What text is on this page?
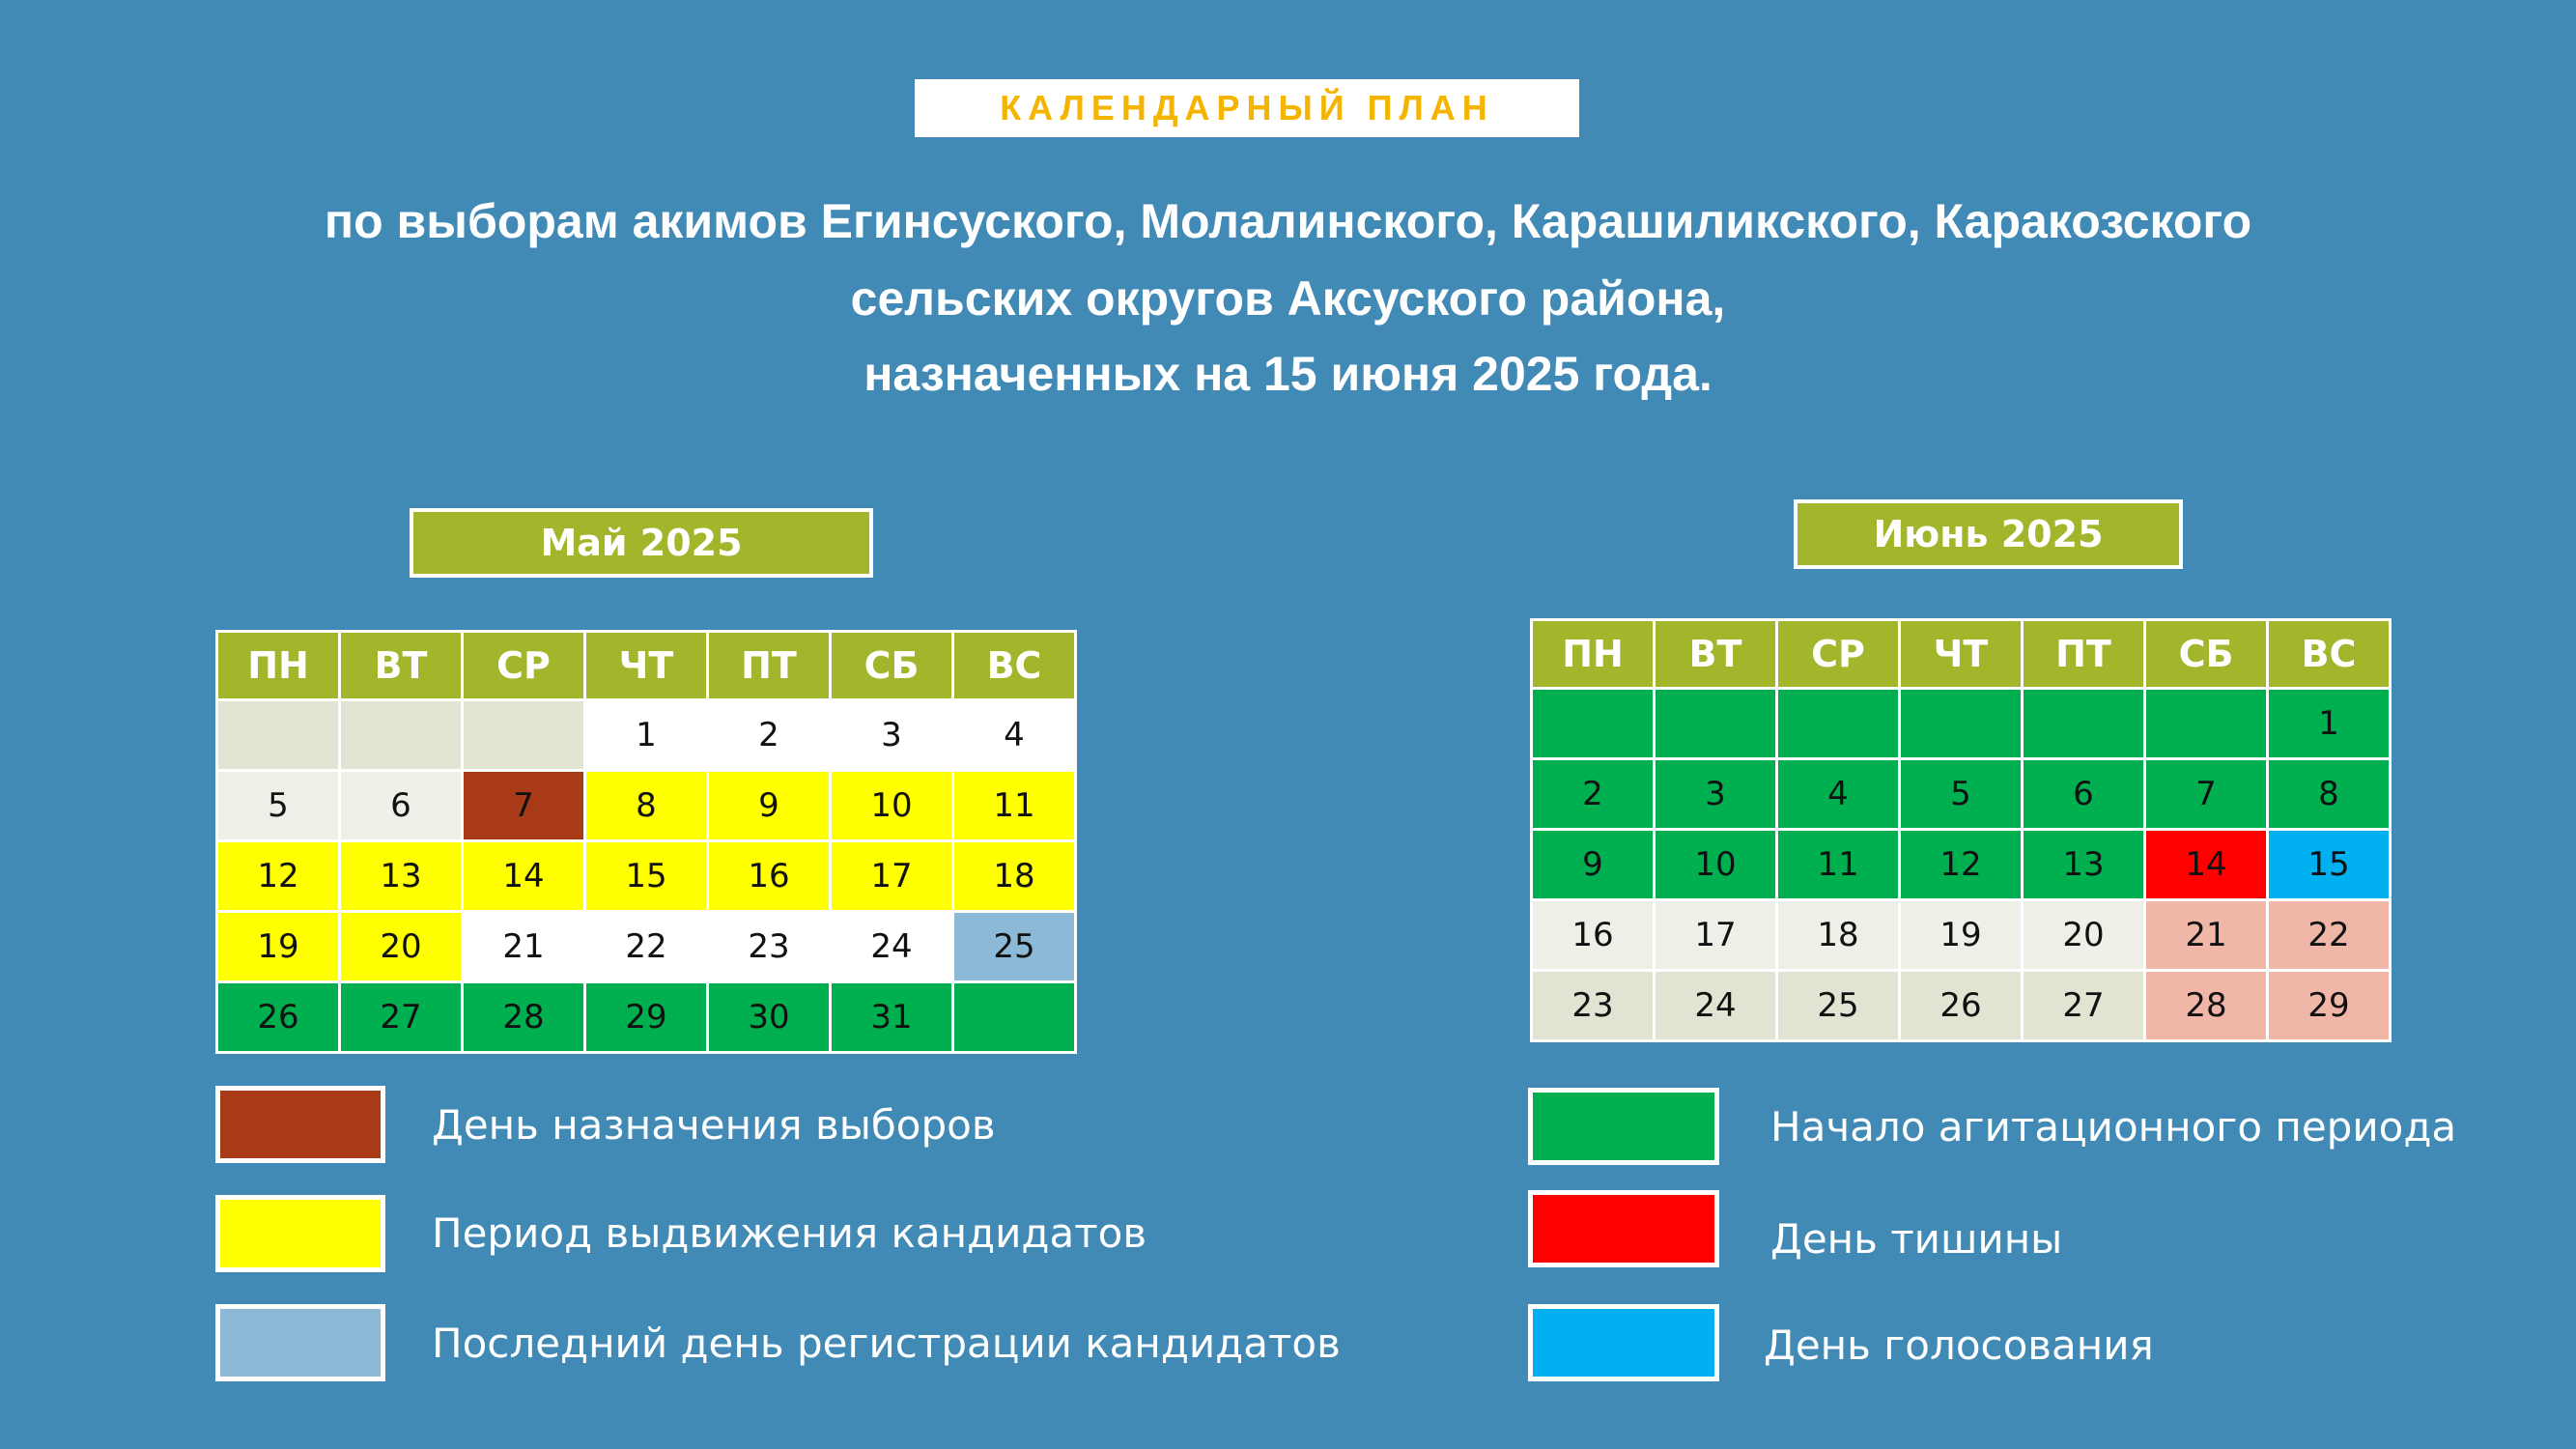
КАЛЕНДАРНЫЙ ПЛАН
по выборам акимов Егинсуского, Молалинского, Карашиликского, Каракозского
сельских округов Аксуского района,
назначенных на 15 июня 2025 года.
Май 2025	Июнь 2025
ПН	ВТ	СР	ЧТ	ПТ	СБ	ВС
			1	2	3	4
5	6	7	8	9	10	11
12	13	14	15	16	17	18
19	20	21	22	23	24	25
26	27	28	29	30	31	
ПН	ВТ	СР	ЧТ	ПТ	СБ	ВС
						1
2	3	4	5	6	7	8
9	10	11	12	13	14	15
16	17	18	19	20	21	22
23	24	25	26	27	28	29
День назначения выборов
Период выдвижения кандидатов
Последний день регистрации кандидатов
Начало агитационного периода
День тишины
День голосования
